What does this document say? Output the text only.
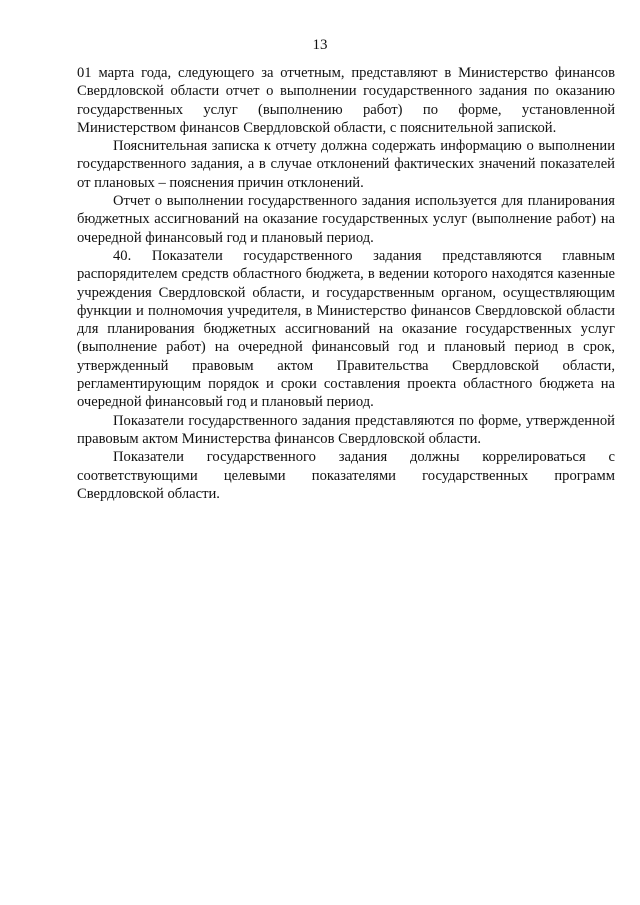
13

01 марта года, следующего за отчетным, представляют в Министерство финансов Свердловской области отчет о выполнении государственного задания по оказанию государственных услуг (выполнению работ) по форме, установленной Министерством финансов Свердловской области, с пояснительной запиской.

Пояснительная записка к отчету должна содержать информацию о выполнении государственного задания, а в случае отклонений фактических значений показателей от плановых – пояснения причин отклонений.

Отчет о выполнении государственного задания используется для планирования бюджетных ассигнований на оказание государственных услуг (выполнение работ) на очередной финансовый год и плановый период.

40. Показатели государственного задания представляются главным распорядителем средств областного бюджета, в ведении которого находятся казенные учреждения Свердловской области, и государственным органом, осуществляющим функции и полномочия учредителя, в Министерство финансов Свердловской области для планирования бюджетных ассигнований на оказание государственных услуг (выполнение работ) на очередной финансовый год и плановый период в срок, утвержденный правовым актом Правительства Свердловской области, регламентирующим порядок и сроки составления проекта областного бюджета на очередной финансовый год и плановый период.

Показатели государственного задания представляются по форме, утвержденной правовым актом Министерства финансов Свердловской области.

Показатели государственного задания должны коррелироваться с соответствующими целевыми показателями государственных программ Свердловской области.
